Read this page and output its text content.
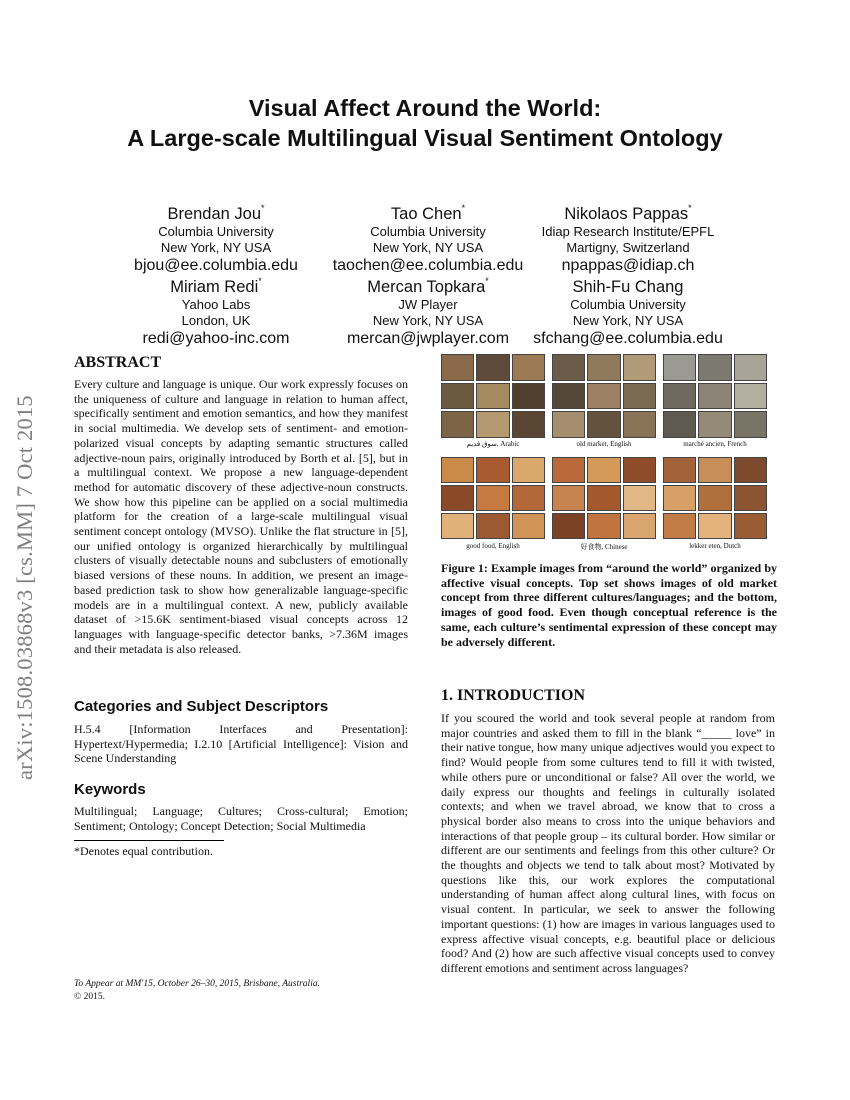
arXiv:1508.03868v3 [cs.MM] 7 Oct 2015
Visual Affect Around the World:
A Large-scale Multilingual Visual Sentiment Ontology
Brendan Jou*
Columbia University
New York, NY USA
bjou@ee.columbia.edu
Tao Chen*
Columbia University
New York, NY USA
taochen@ee.columbia.edu
Nikolaos Pappas*
Idiap Research Institute/EPFL
Martigny, Switzerland
npappas@idiap.ch
Miriam Redi*
Yahoo Labs
London, UK
redi@yahoo-inc.com
Mercan Topkara*
JW Player
New York, NY USA
mercan@jwplayer.com
Shih-Fu Chang
Columbia University
New York, NY USA
sfchang@ee.columbia.edu
ABSTRACT
Every culture and language is unique. Our work expressly focuses on the uniqueness of culture and language in relation to human affect, specifically sentiment and emotion semantics, and how they manifest in social multimedia. We develop sets of sentiment- and emotion-polarized visual concepts by adapting semantic structures called adjective-noun pairs, originally introduced by Borth et al. [5], but in a multilingual context. We propose a new language-dependent method for automatic discovery of these adjective-noun constructs. We show how this pipeline can be applied on a social multimedia platform for the creation of a large-scale multilingual visual sentiment concept ontology (MVSO). Unlike the flat structure in [5], our unified ontology is organized hierarchically by multilingual clusters of visually detectable nouns and subclusters of emotionally biased versions of these nouns. In addition, we present an image-based prediction task to show how generalizable language-specific models are in a multilingual context. A new, publicly available dataset of >15.6K sentiment-biased visual concepts across 12 languages with language-specific detector banks, >7.36M images and their metadata is also released.
Categories and Subject Descriptors
H.5.4 [Information Interfaces and Presentation]: Hypertext/Hypermedia; I.2.10 [Artificial Intelligence]: Vision and Scene Understanding
Keywords
Multilingual; Language; Cultures; Cross-cultural; Emotion; Sentiment; Ontology; Concept Detection; Social Multimedia
*Denotes equal contribution.
To Appear at MM'15, October 26–30, 2015, Brisbane, Australia.
© 2015.
سوق قديم, Arabic	old market, English	marché ancien, French
good food, English	好食物, Chinese	lekker eten, Dutch
Figure 1: Example images from “around the world” organized by affective visual concepts. Top set shows images of old market concept from three different cultures/languages; and the bottom, images of good food. Even though conceptual reference is the same, each culture’s sentimental expression of these concept may be adversely different.
1. INTRODUCTION
If you scoured the world and took several people at random from major countries and asked them to fill in the blank “_____ love” in their native tongue, how many unique adjectives would you expect to find? Would people from some cultures tend to fill it with twisted, while others pure or unconditional or false? All over the world, we daily express our thoughts and feelings in culturally isolated contexts; and when we travel abroad, we know that to cross a physical border also means to cross into the unique behaviors and interactions of that people group – its cultural border. How similar or different are our sentiments and feelings from this other culture? Or the thoughts and objects we tend to talk about most? Motivated by questions like this, our work explores the computational understanding of human affect along cultural lines, with focus on visual content. In particular, we seek to answer the following important questions: (1) how are images in various languages used to express affective visual concepts, e.g. beautiful place or delicious food? And (2) how are such affective visual concepts used to convey different emotions and sentiment across languages?
